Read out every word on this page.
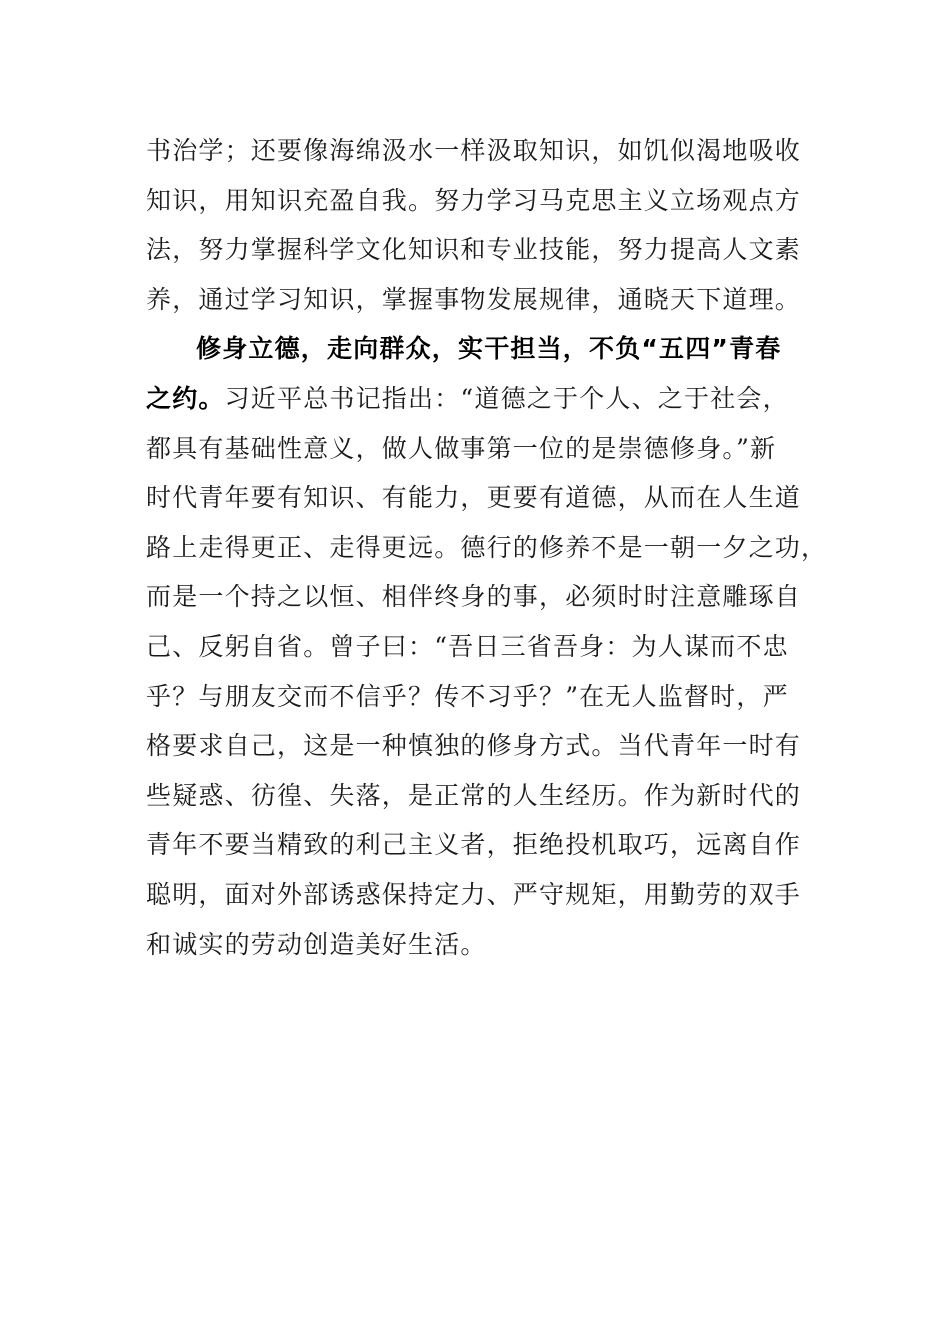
书治学；还要像海绵汲水一样汲取知识，如饥似渴地吸收
知识，用知识充盈自我。努力学习马克思主义立场观点方
法，努力掌握科学文化知识和专业技能，努力提高人文素
养，通过学习知识，掌握事物发展规律，通晓天下道理。
修身立德，走向群众，实干担当，不负“五四”青春
之约。习近平总书记指出：“道德之于个人、之于社会，
都具有基础性意义，做人做事第一位的是崇德修身。”新
时代青年要有知识、有能力，更要有道德，从而在人生道
路上走得更正、走得更远。德行的修养不是一朝一夕之功，
而是一个持之以恒、相伴终身的事，必须时时注意雕琢自
己、反躬自省。曾子曰：“吾日三省吾身：为人谋而不忠
乎？与朋友交而不信乎？传不习乎？”在无人监督时，严
格要求自己，这是一种慎独的修身方式。当代青年一时有
些疑惑、彷徨、失落，是正常的人生经历。作为新时代的
青年不要当精致的利己主义者，拒绝投机取巧，远离自作
聪明，面对外部诱惑保持定力、严守规矩，用勤劳的双手
和诚实的劳动创造美好生活。
